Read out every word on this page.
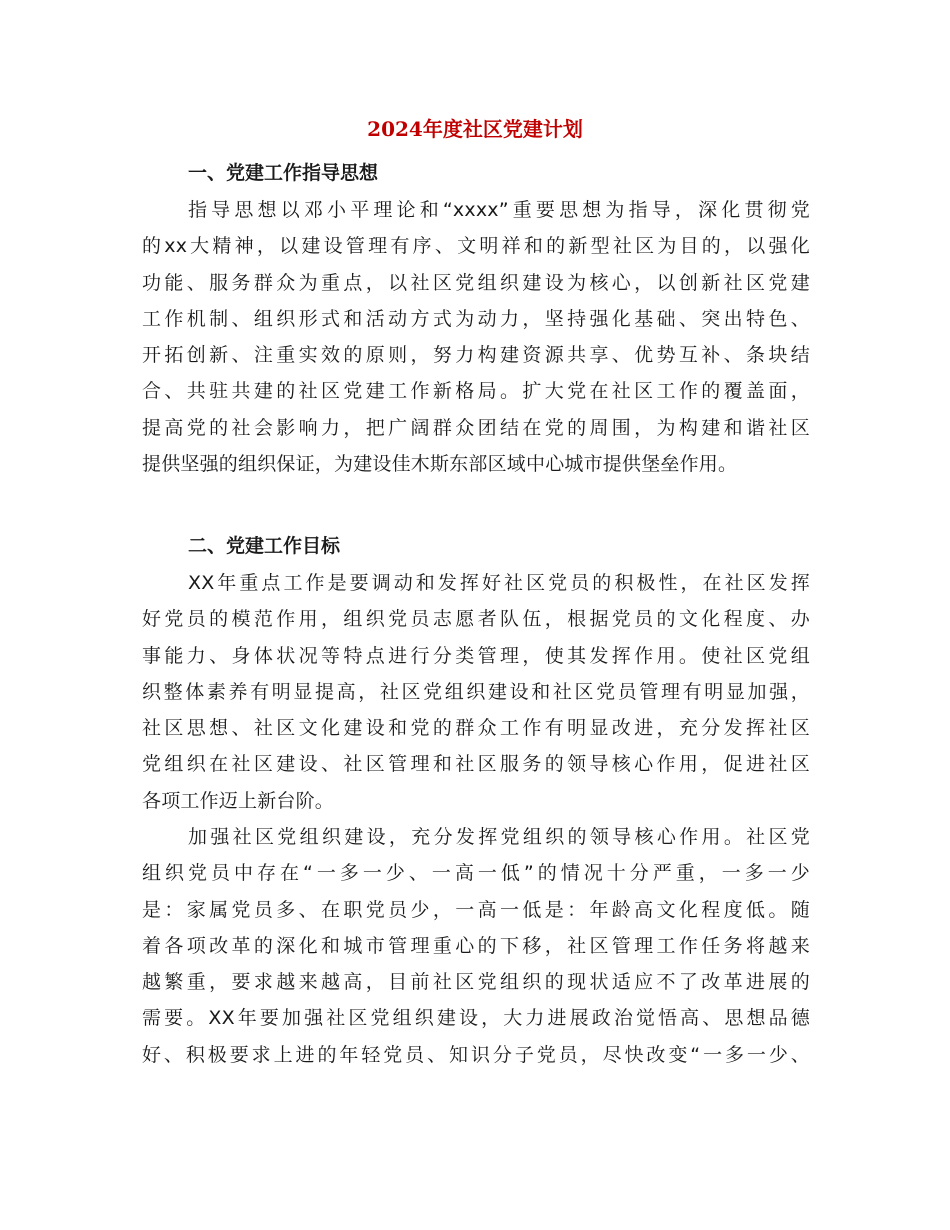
2024年度社区党建计划
一、党建工作指导思想
指导思想以邓小平理论和“xxxx”重要思想为指导，深化贯彻党
的xx大精神，以建设管理有序、文明祥和的新型社区为目的，以强化
功能、服务群众为重点，以社区党组织建设为核心，以创新社区党建
工作机制、组织形式和活动方式为动力，坚持强化基础、突出特色、
开拓创新、注重实效的原则，努力构建资源共享、优势互补、条块结
合、共驻共建的社区党建工作新格局。扩大党在社区工作的覆盖面，
提高党的社会影响力，把广阔群众团结在党的周围，为构建和谐社区
提供坚强的组织保证，为建设佳木斯东部区域中心城市提供堡垒作用。
二、党建工作目标
XX年重点工作是要调动和发挥好社区党员的积极性，在社区发挥
好党员的模范作用，组织党员志愿者队伍，根据党员的文化程度、办
事能力、身体状况等特点进行分类管理，使其发挥作用。使社区党组
织整体素养有明显提高，社区党组织建设和社区党员管理有明显加强，
社区思想、社区文化建设和党的群众工作有明显改进，充分发挥社区
党组织在社区建设、社区管理和社区服务的领导核心作用，促进社区
各项工作迈上新台阶。
加强社区党组织建设，充分发挥党组织的领导核心作用。社区党
组织党员中存在“一多一少、一高一低”的情况十分严重，一多一少
是：家属党员多、在职党员少，一高一低是：年龄高文化程度低。随
着各项改革的深化和城市管理重心的下移，社区管理工作任务将越来
越繁重，要求越来越高，目前社区党组织的现状适应不了改革进展的
需要。XX年要加强社区党组织建设，大力进展政治觉悟高、思想品德
好、积极要求上进的年轻党员、知识分子党员，尽快改变“一多一少、
